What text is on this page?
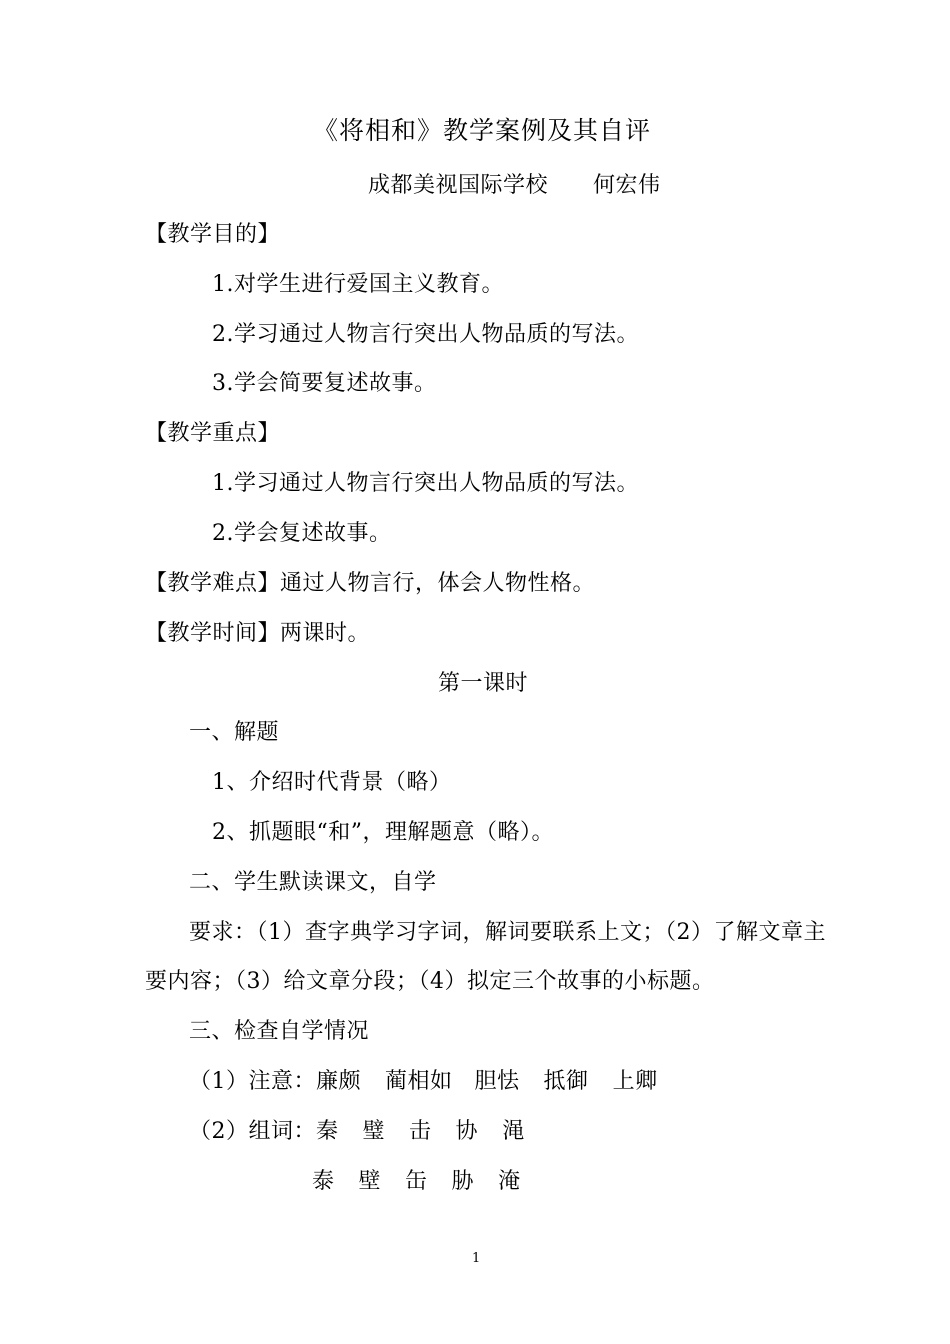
《将相和》教学案例及其自评
成都美视国际学校　　何宏伟
【教学目的】
1.对学生进行爱国主义教育。
2.学习通过人物言行突出人物品质的写法。
3.学会简要复述故事。
【教学重点】
1.学习通过人物言行突出人物品质的写法。
2.学会复述故事。
【教学难点】通过人物言行，体会人物性格。
【教学时间】两课时。
第一课时
一、解题
1、介绍时代背景（略）
2、抓题眼“和”，理解题意（略）。
二、学生默读课文，自学
要求：（1）查字典学习字词，解词要联系上文；（2）了解文章主
要内容；（3）给文章分段；（4）拟定三个故事的小标题。
三、检查自学情况
（1）注意：廉颇 蔺相如 胆怯 抵御 上卿
（2）组词：秦 璧 击 协 渑
泰 壁 缶 胁 淹
1
